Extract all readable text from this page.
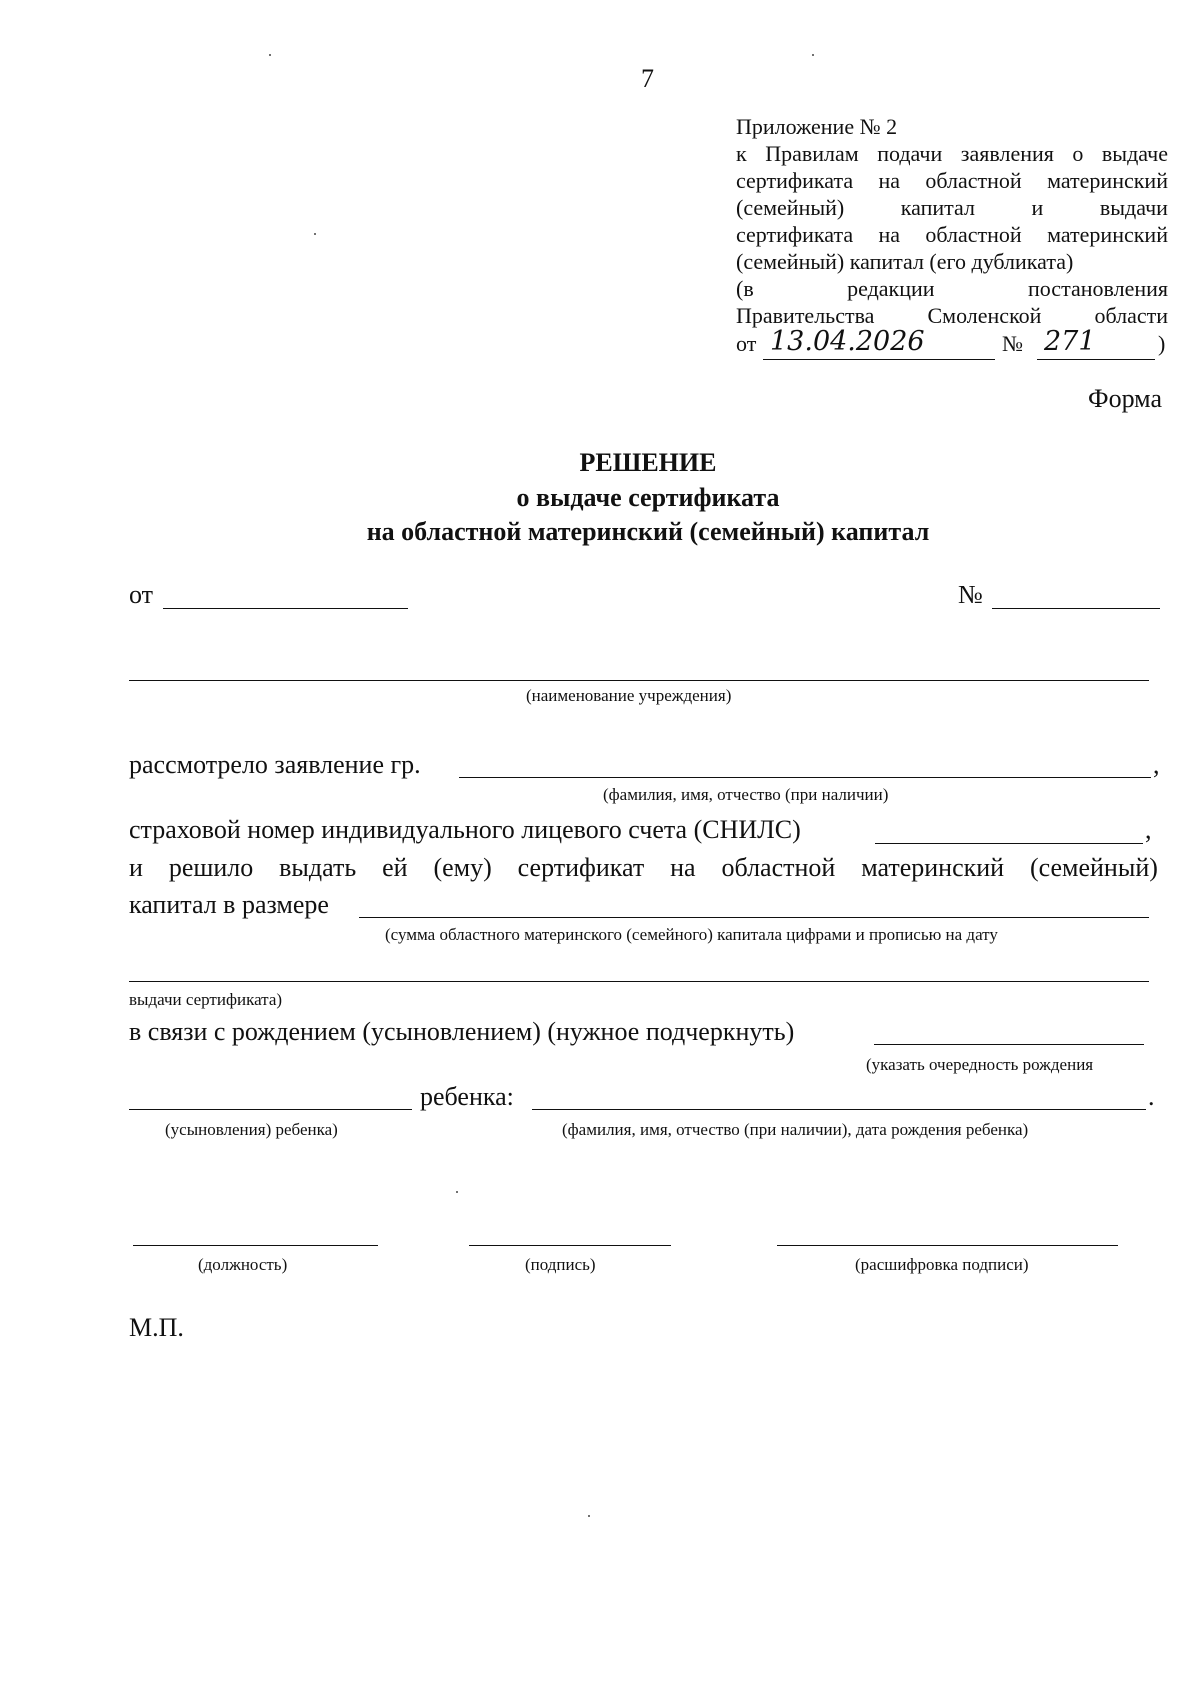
7
Приложение № 2
к Правилам подачи заявления о выдаче
сертификата на областной материнский
(семейный)	капитал	и	выдачи
сертификата на областной материнский
(семейный) капитал (его дубликата)
(в	редакции	постановления
Правительства Смоленской области
от 13.04.2026	№ 271	)
Форма
РЕШЕНИЕ
о выдаче сертификата
на областной материнский (семейный) капитал
от	№
(наименование учреждения)
рассмотрело заявление гр.	,
(фамилия, имя, отчество (при наличии)
страховой номер индивидуального лицевого счета (СНИЛС)	,
и решило выдать ей (ему) сертификат на областной материнский (семейный)
капитал в размере
(сумма областного материнского (семейного) капитала цифрами и прописью на дату
выдачи сертификата)
в связи с рождением (усыновлением) (нужное подчеркнуть)
(указать очередность рождения
ребенка:	.
(усыновления) ребенка)	(фамилия, имя, отчество (при наличии), дата рождения ребенка)
(должность)	(подпись)	(расшифровка подписи)
М.П.
